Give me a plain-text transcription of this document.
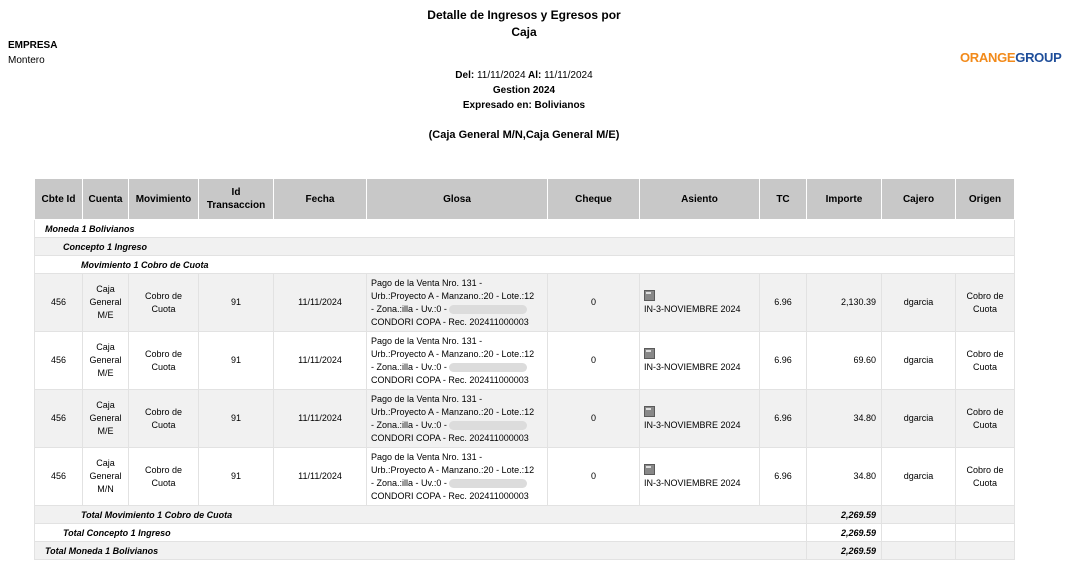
Detalle de Ingresos y Egresos por
Caja
EMPRESA
Montero	ORANGEGROUP
Del: 11/11/2024 Al: 11/11/2024
Gestion 2024
Expresado en: Bolivianos
(Caja General M/N,Caja General M/E)
Cbte Id	Cuenta	Movimiento	Id Transaccion	Fecha	Glosa	Cheque	Asiento	TC	Importe	Cajero	Origen
Moneda 1 Bolivianos											
Concepto 1 Ingreso											
Movimiento 1 Cobro de Cuota											
456	Caja General M/E	Cobro de Cuota	91	11/11/2024	Pago de la Venta Nro. 131 -
Urb.:Proyecto A - Manzano.:20 - Lote.:12
- Zona.:illa - Uv.:0 -
CONDORI COPA - Rec. 202411000003	0	IN-3-NOVIEMBRE 2024	6.96	2,130.39	dgarcia	Cobro de Cuota
456	Caja General M/E	Cobro de Cuota	91	11/11/2024	Pago de la Venta Nro. 131 -
Urb.:Proyecto A - Manzano.:20 - Lote.:12
- Zona.:illa - Uv.:0 -
CONDORI COPA - Rec. 202411000003	0	IN-3-NOVIEMBRE 2024	6.96	69.60	dgarcia	Cobro de Cuota
456	Caja General M/E	Cobro de Cuota	91	11/11/2024	Pago de la Venta Nro. 131 -
Urb.:Proyecto A - Manzano.:20 - Lote.:12
- Zona.:illa - Uv.:0 -
CONDORI COPA - Rec. 202411000003	0	IN-3-NOVIEMBRE 2024	6.96	34.80	dgarcia	Cobro de Cuota
456	Caja General M/N	Cobro de Cuota	91	11/11/2024	Pago de la Venta Nro. 131 -
Urb.:Proyecto A - Manzano.:20 - Lote.:12
- Zona.:illa - Uv.:0 -
CONDORI COPA - Rec. 202411000003	0	IN-3-NOVIEMBRE 2024	6.96	34.80	dgarcia	Cobro de Cuota
Total Movimiento 1 Cobro de Cuota									2,269.59		
Total Concepto 1 Ingreso									2,269.59		
Total Moneda 1 Bolivianos									2,269.59		
